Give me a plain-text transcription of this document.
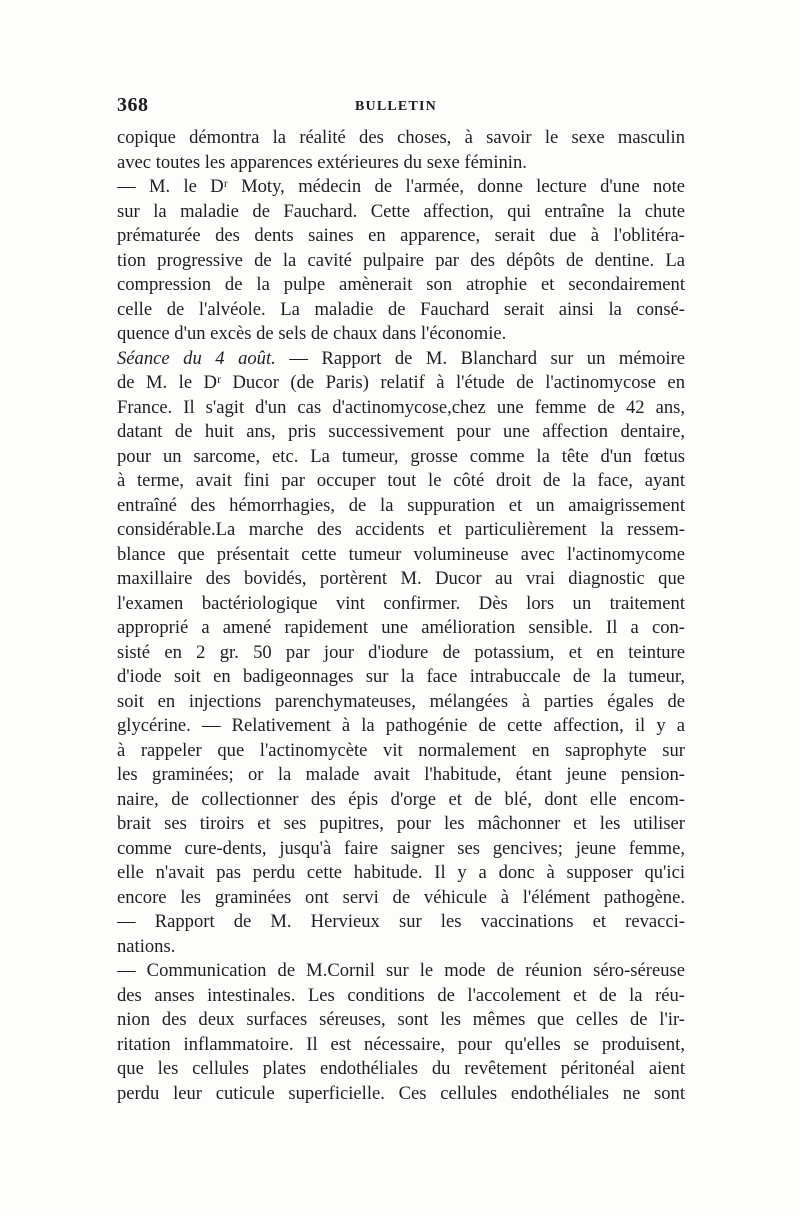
368	BULLETIN
copique démontra la réalité des choses, à savoir le sexe masculin
avec toutes les apparences extérieures du sexe féminin.
— M. le Dʳ Moty, médecin de l'armée, donne lecture d'une note
sur la maladie de Fauchard. Cette affection, qui entraîne la chute
prématurée des dents saines en apparence, serait due à l'oblitéra-
tion progressive de la cavité pulpaire par des dépôts de dentine. La
compression de la pulpe amènerait son atrophie et secondairement
celle de l'alvéole. La maladie de Fauchard serait ainsi la consé-
quence d'un excès de sels de chaux dans l'économie.
Séance du 4 août. — Rapport de M. Blanchard sur un mémoire
de M. le Dʳ Ducor (de Paris) relatif à l'étude de l'actinomycose en
France. Il s'agit d'un cas d'actinomycose,chez une femme de 42 ans,
datant de huit ans, pris successivement pour une affection dentaire,
pour un sarcome, etc. La tumeur, grosse comme la tête d'un fœtus
à terme, avait fini par occuper tout le côté droit de la face, ayant
entraîné des hémorrhagies, de la suppuration et un amaigrissement
considérable.La marche des accidents et particulièrement la ressem-
blance que présentait cette tumeur volumineuse avec l'actinomycome
maxillaire des bovidés, portèrent M. Ducor au vrai diagnostic que
l'examen bactériologique vint confirmer. Dès lors un traitement
approprié a amené rapidement une amélioration sensible. Il a con-
sisté en 2 gr. 50 par jour d'iodure de potassium, et en teinture
d'iode soit en badigeonnages sur la face intrabuccale de la tumeur,
soit en injections parenchymateuses, mélangées à parties égales de
glycérine. — Relativement à la pathogénie de cette affection, il y a
à rappeler que l'actinomycète vit normalement en saprophyte sur
les graminées; or la malade avait l'habitude, étant jeune pension-
naire, de collectionner des épis d'orge et de blé, dont elle encom-
brait ses tiroirs et ses pupitres, pour les mâchonner et les utiliser
comme cure-dents, jusqu'à faire saigner ses gencives; jeune femme,
elle n'avait pas perdu cette habitude. Il y a donc à supposer qu'ici
encore les graminées ont servi de véhicule à l'élément pathogène.
— Rapport de M. Hervieux sur les vaccinations et revacci-
nations.
— Communication de M.Cornil sur le mode de réunion séro-séreuse
des anses intestinales. Les conditions de l'accolement et de la réu-
nion des deux surfaces séreuses, sont les mêmes que celles de l'ir-
ritation inflammatoire. Il est nécessaire, pour qu'elles se produisent,
que les cellules plates endothéliales du revêtement péritonéal aient
perdu leur cuticule superficielle. Ces cellules endothéliales ne sont
